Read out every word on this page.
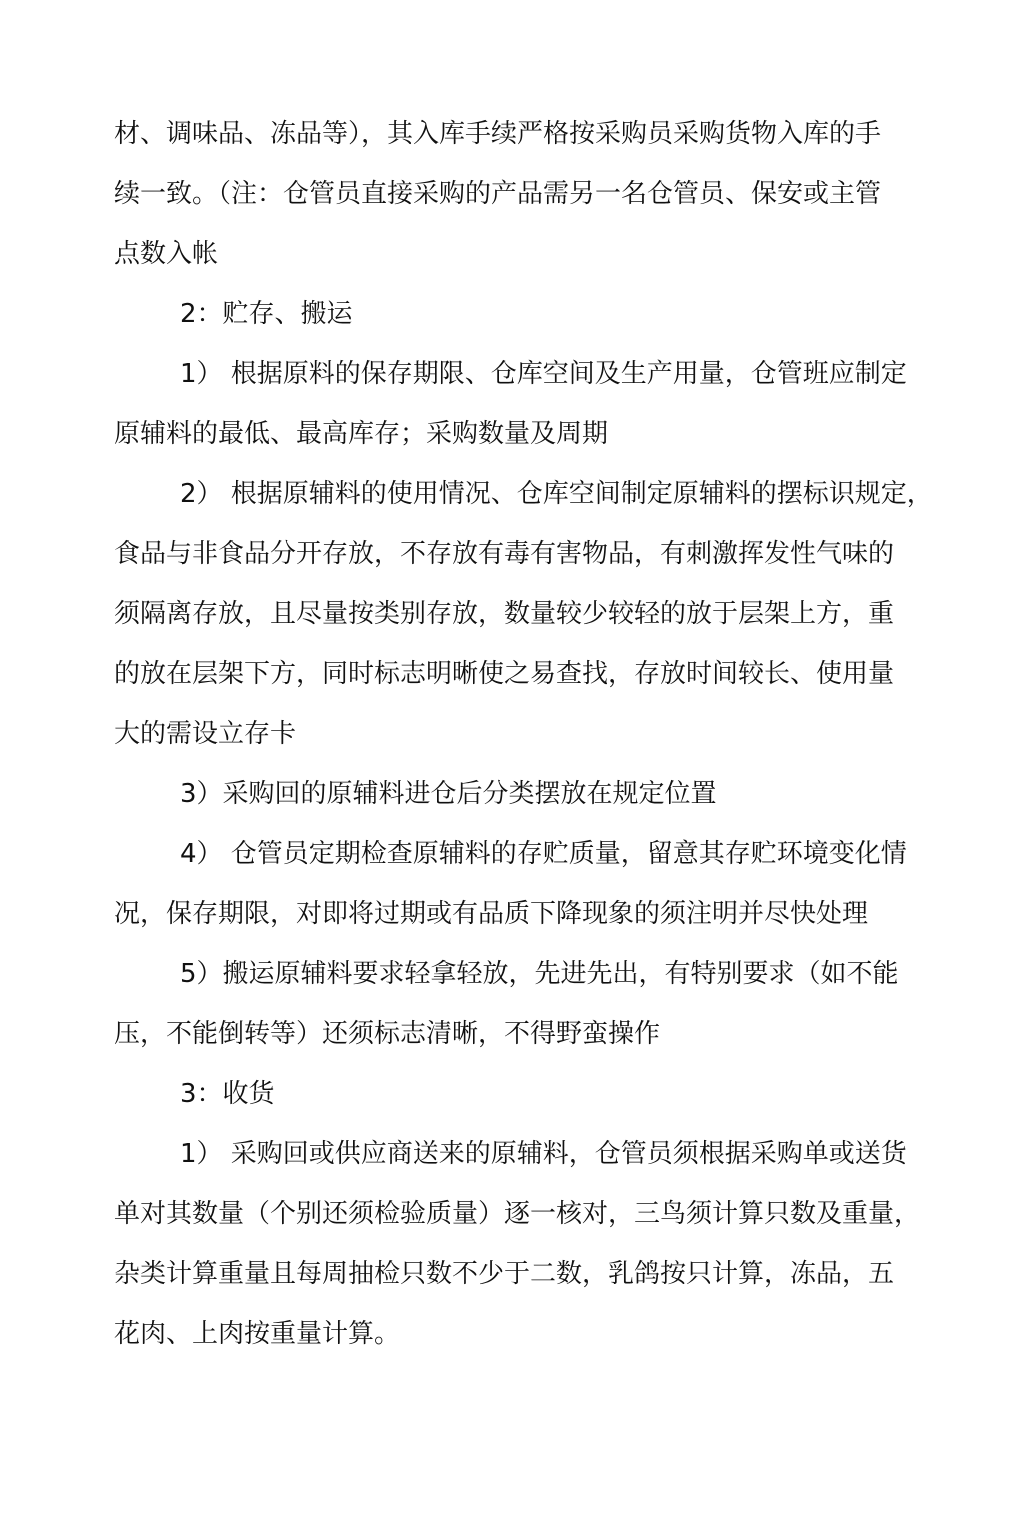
材、调味品、冻品等），其入库手续严格按采购员采购货物入库的手
续一致。（注：仓管员直接采购的产品需另一名仓管员、保安或主管
点数入帐
2：贮存、搬运
1） 根据原料的保存期限、仓库空间及生产用量，仓管班应制定
原辅料的最低、最高库存；采购数量及周期
2） 根据原辅料的使用情况、仓库空间制定原辅料的摆标识规定，
食品与非食品分开存放，不存放有毒有害物品，有刺激挥发性气味的
须隔离存放，且尽量按类别存放，数量较少较轻的放于层架上方，重
的放在层架下方，同时标志明晰使之易查找，存放时间较长、使用量
大的需设立存卡
3）采购回的原辅料进仓后分类摆放在规定位置
4） 仓管员定期检查原辅料的存贮质量，留意其存贮环境变化情
况，保存期限，对即将过期或有品质下降现象的须注明并尽快处理
5）搬运原辅料要求轻拿轻放，先进先出，有特别要求（如不能
压，不能倒转等）还须标志清晰，不得野蛮操作
3：收货
1） 采购回或供应商送来的原辅料，仓管员须根据采购单或送货
单对其数量（个别还须检验质量）逐一核对，三鸟须计算只数及重量，
杂类计算重量且每周抽检只数不少于二数，乳鸽按只计算，冻品，五
花肉、上肉按重量计算。
